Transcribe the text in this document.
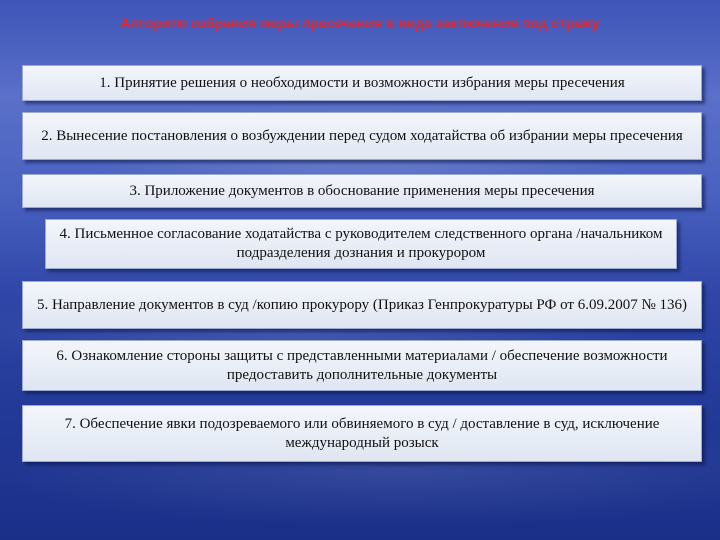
Алгоритм избрания меры пресечения в виде заключения под стражу
1. Принятие решения о необходимости и возможности избрания меры пресечения
2. Вынесение постановления о возбуждении перед судом ходатайства об избрании меры пресечения
3. Приложение документов в обоснование применения меры пресечения
4. Письменное согласование ходатайства с руководителем следственного органа /начальником подразделения дознания и прокурором
5. Направление документов в суд /копию прокурору (Приказ Генпрокуратуры РФ от 6.09.2007 № 136)
6. Ознакомление стороны защиты с представленными материалами / обеспечение возможности предоставить дополнительные документы
7. Обеспечение явки подозреваемого или обвиняемого в суд / доставление в суд, исключение международный розыск
